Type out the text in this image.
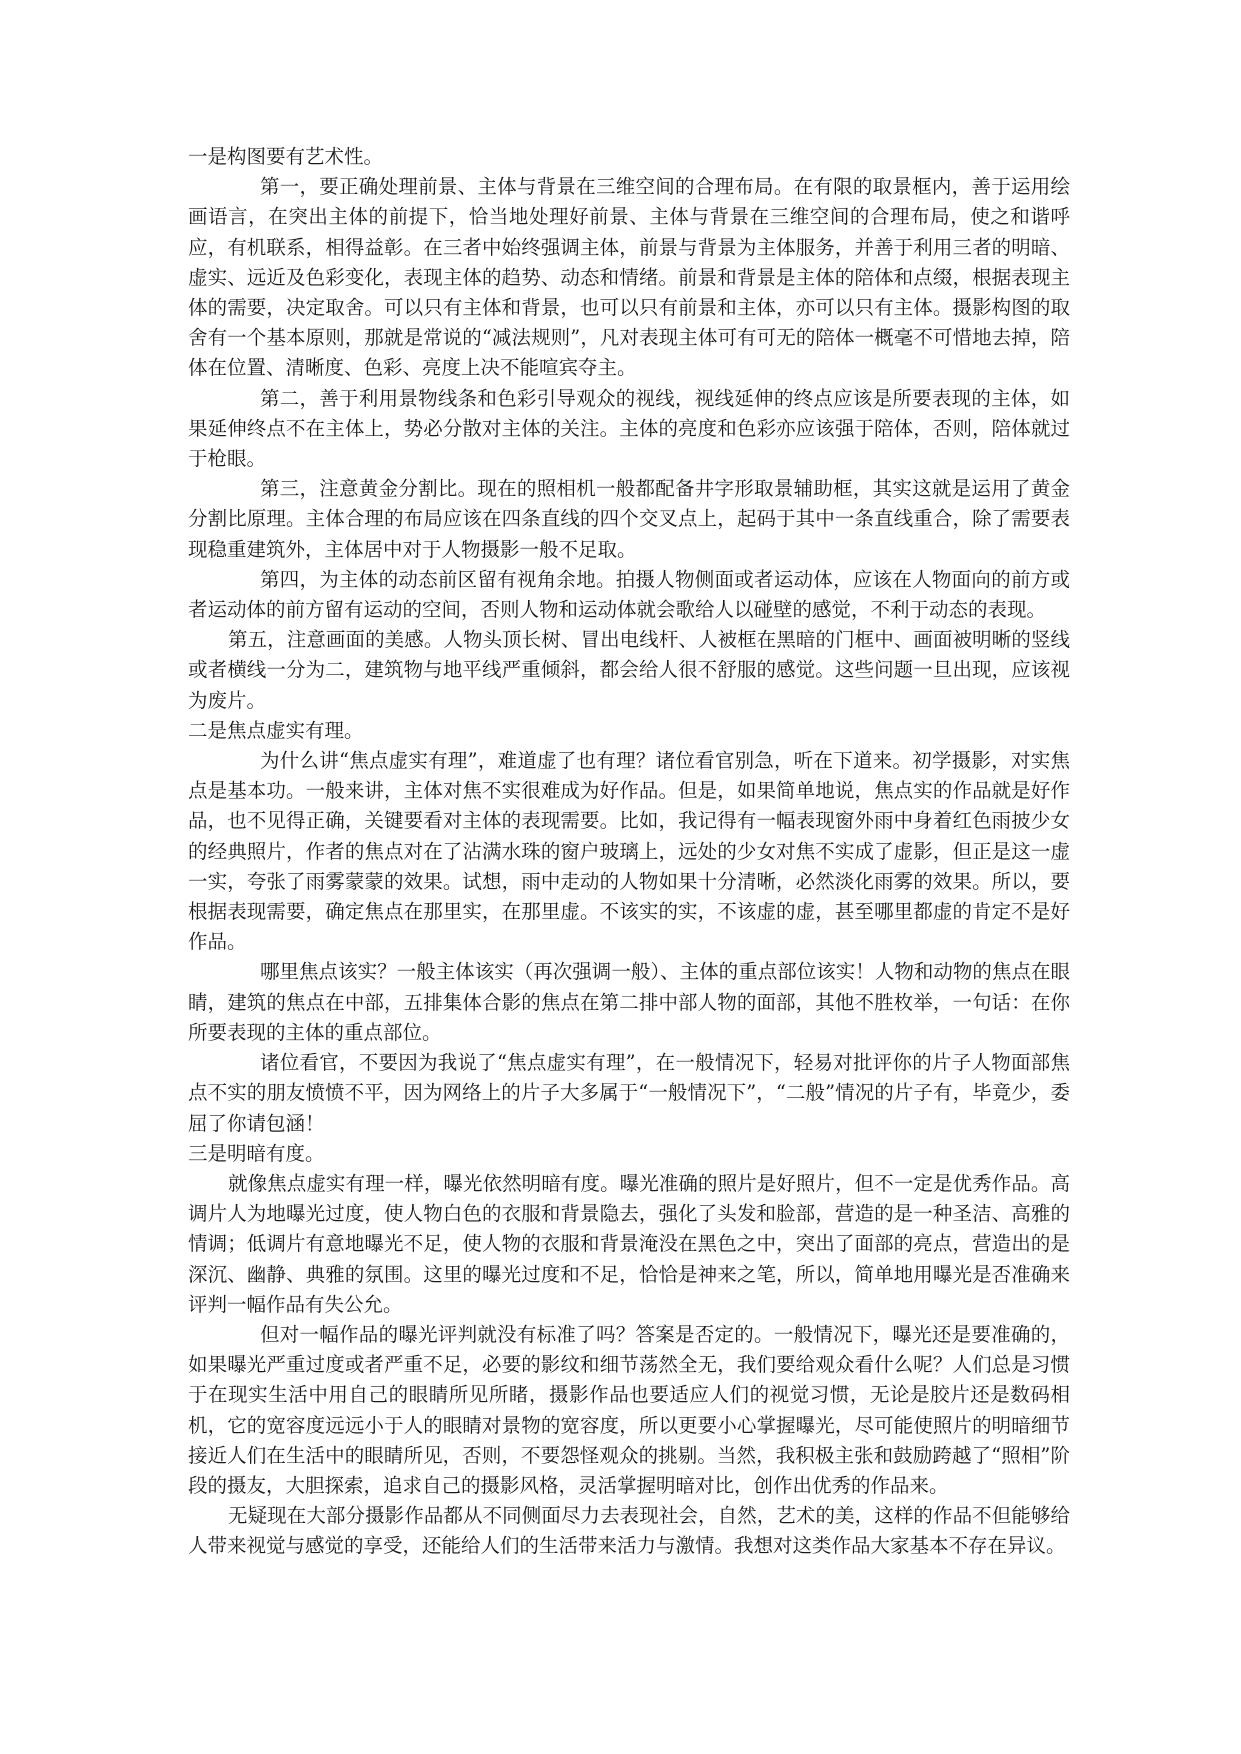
一是构图要有艺术性。

第一，要正确处理前景、主体与背景在三维空间的合理布局。在有限的取景框内，善于运用绘画语言，在突出主体的前提下，恰当地处理好前景、主体与背景在三维空间的合理布局，使之和谐呼应，有机联系，相得益彰。在三者中始终强调主体，前景与背景为主体服务，并善于利用三者的明暗、虚实、远近及色彩变化，表现主体的趋势、动态和情绪。前景和背景是主体的陪体和点缀，根据表现主体的需要，决定取舍。可以只有主体和背景，也可以只有前景和主体，亦可以只有主体。摄影构图的取舍有一个基本原则，那就是常说的“减法规则”，凡对表现主体可有可无的陪体一概毫不可惜地去掉，陪体在位置、清晰度、色彩、亮度上决不能喧宾夺主。

第二，善于利用景物线条和色彩引导观众的视线，视线延伸的终点应该是所要表现的主体，如果延伸终点不在主体上，势必分散对主体的关注。主体的亮度和色彩亦应该强于陪体，否则，陪体就过于枪眼。

第三，注意黄金分割比。现在的照相机一般都配备井字形取景辅助框，其实这就是运用了黄金分割比原理。主体合理的布局应该在四条直线的四个交叉点上，起码于其中一条直线重合，除了需要表现稳重建筑外，主体居中对于人物摄影一般不足取。

第四，为主体的动态前区留有视角余地。拍摄人物侧面或者运动体，应该在人物面向的前方或者运动体的前方留有运动的空间，否则人物和运动体就会歌给人以碰壁的感觉，不利于动态的表现。

第五，注意画面的美感。人物头顶长树、冒出电线杆、人被框在黑暗的门框中、画面被明晰的竖线或者横线一分为二，建筑物与地平线严重倾斜，都会给人很不舒服的感觉。这些问题一旦出现，应该视为废片。

二是焦点虚实有理。

为什么讲“焦点虚实有理”，难道虚了也有理？诸位看官别急，听在下道来。初学摄影，对实焦点是基本功。一般来讲，主体对焦不实很难成为好作品。但是，如果简单地说，焦点实的作品就是好作品，也不见得正确，关键要看对主体的表现需要。比如，我记得有一幅表现窗外雨中身着红色雨披少女的经典照片，作者的焦点对在了沾满水珠的窗户玻璃上，远处的少女对焦不实成了虚影，但正是这一虚一实，夸张了雨雾蒙蒙的效果。试想，雨中走动的人物如果十分清晰，必然淡化雨雾的效果。所以，要根据表现需要，确定焦点在那里实，在那里虚。不该实的实，不该虚的虚，甚至哪里都虚的肯定不是好作品。

哪里焦点该实？一般主体该实（再次强调一般）、主体的重点部位该实！人物和动物的焦点在眼睛，建筑的焦点在中部，五排集体合影的焦点在第二排中部人物的面部，其他不胜枚举，一句话：在你所要表现的主体的重点部位。

诸位看官，不要因为我说了“焦点虚实有理”，在一般情况下，轻易对批评你的片子人物面部焦点不实的朋友愤愤不平，因为网络上的片子大多属于“一般情况下”，“二般”情况的片子有，毕竟少，委屈了你请包涵！

三是明暗有度。

就像焦点虚实有理一样，曝光依然明暗有度。曝光准确的照片是好照片，但不一定是优秀作品。高调片人为地曝光过度，使人物白色的衣服和背景隐去，强化了头发和脸部，营造的是一种圣洁、高雅的情调；低调片有意地曝光不足，使人物的衣服和背景淹没在黑色之中，突出了面部的亮点，营造出的是深沉、幽静、典雅的氛围。这里的曝光过度和不足，恰恰是神来之笔，所以，简单地用曝光是否准确来评判一幅作品有失公允。

但对一幅作品的曝光评判就没有标准了吗？答案是否定的。一般情况下，曝光还是要准确的，如果曝光严重过度或者严重不足，必要的影纹和细节荡然全无，我们要给观众看什么呢？人们总是习惯于在现实生活中用自己的眼睛所见所睹，摄影作品也要适应人们的视觉习惯，无论是胶片还是数码相机，它的宽容度远远小于人的眼睛对景物的宽容度，所以更要小心掌握曝光，尽可能使照片的明暗细节接近人们在生活中的眼睛所见，否则，不要怨怪观众的挑剔。当然，我积极主张和鼓励跨越了“照相”阶段的摄友，大胆探索，追求自己的摄影风格，灵活掌握明暗对比，创作出优秀的作品来。

无疑现在大部分摄影作品都从不同侧面尽力去表现社会，自然，艺术的美，这样的作品不但能够给人带来视觉与感觉的享受，还能给人们的生活带来活力与激情。我想对这类作品大家基本不存在异议。
